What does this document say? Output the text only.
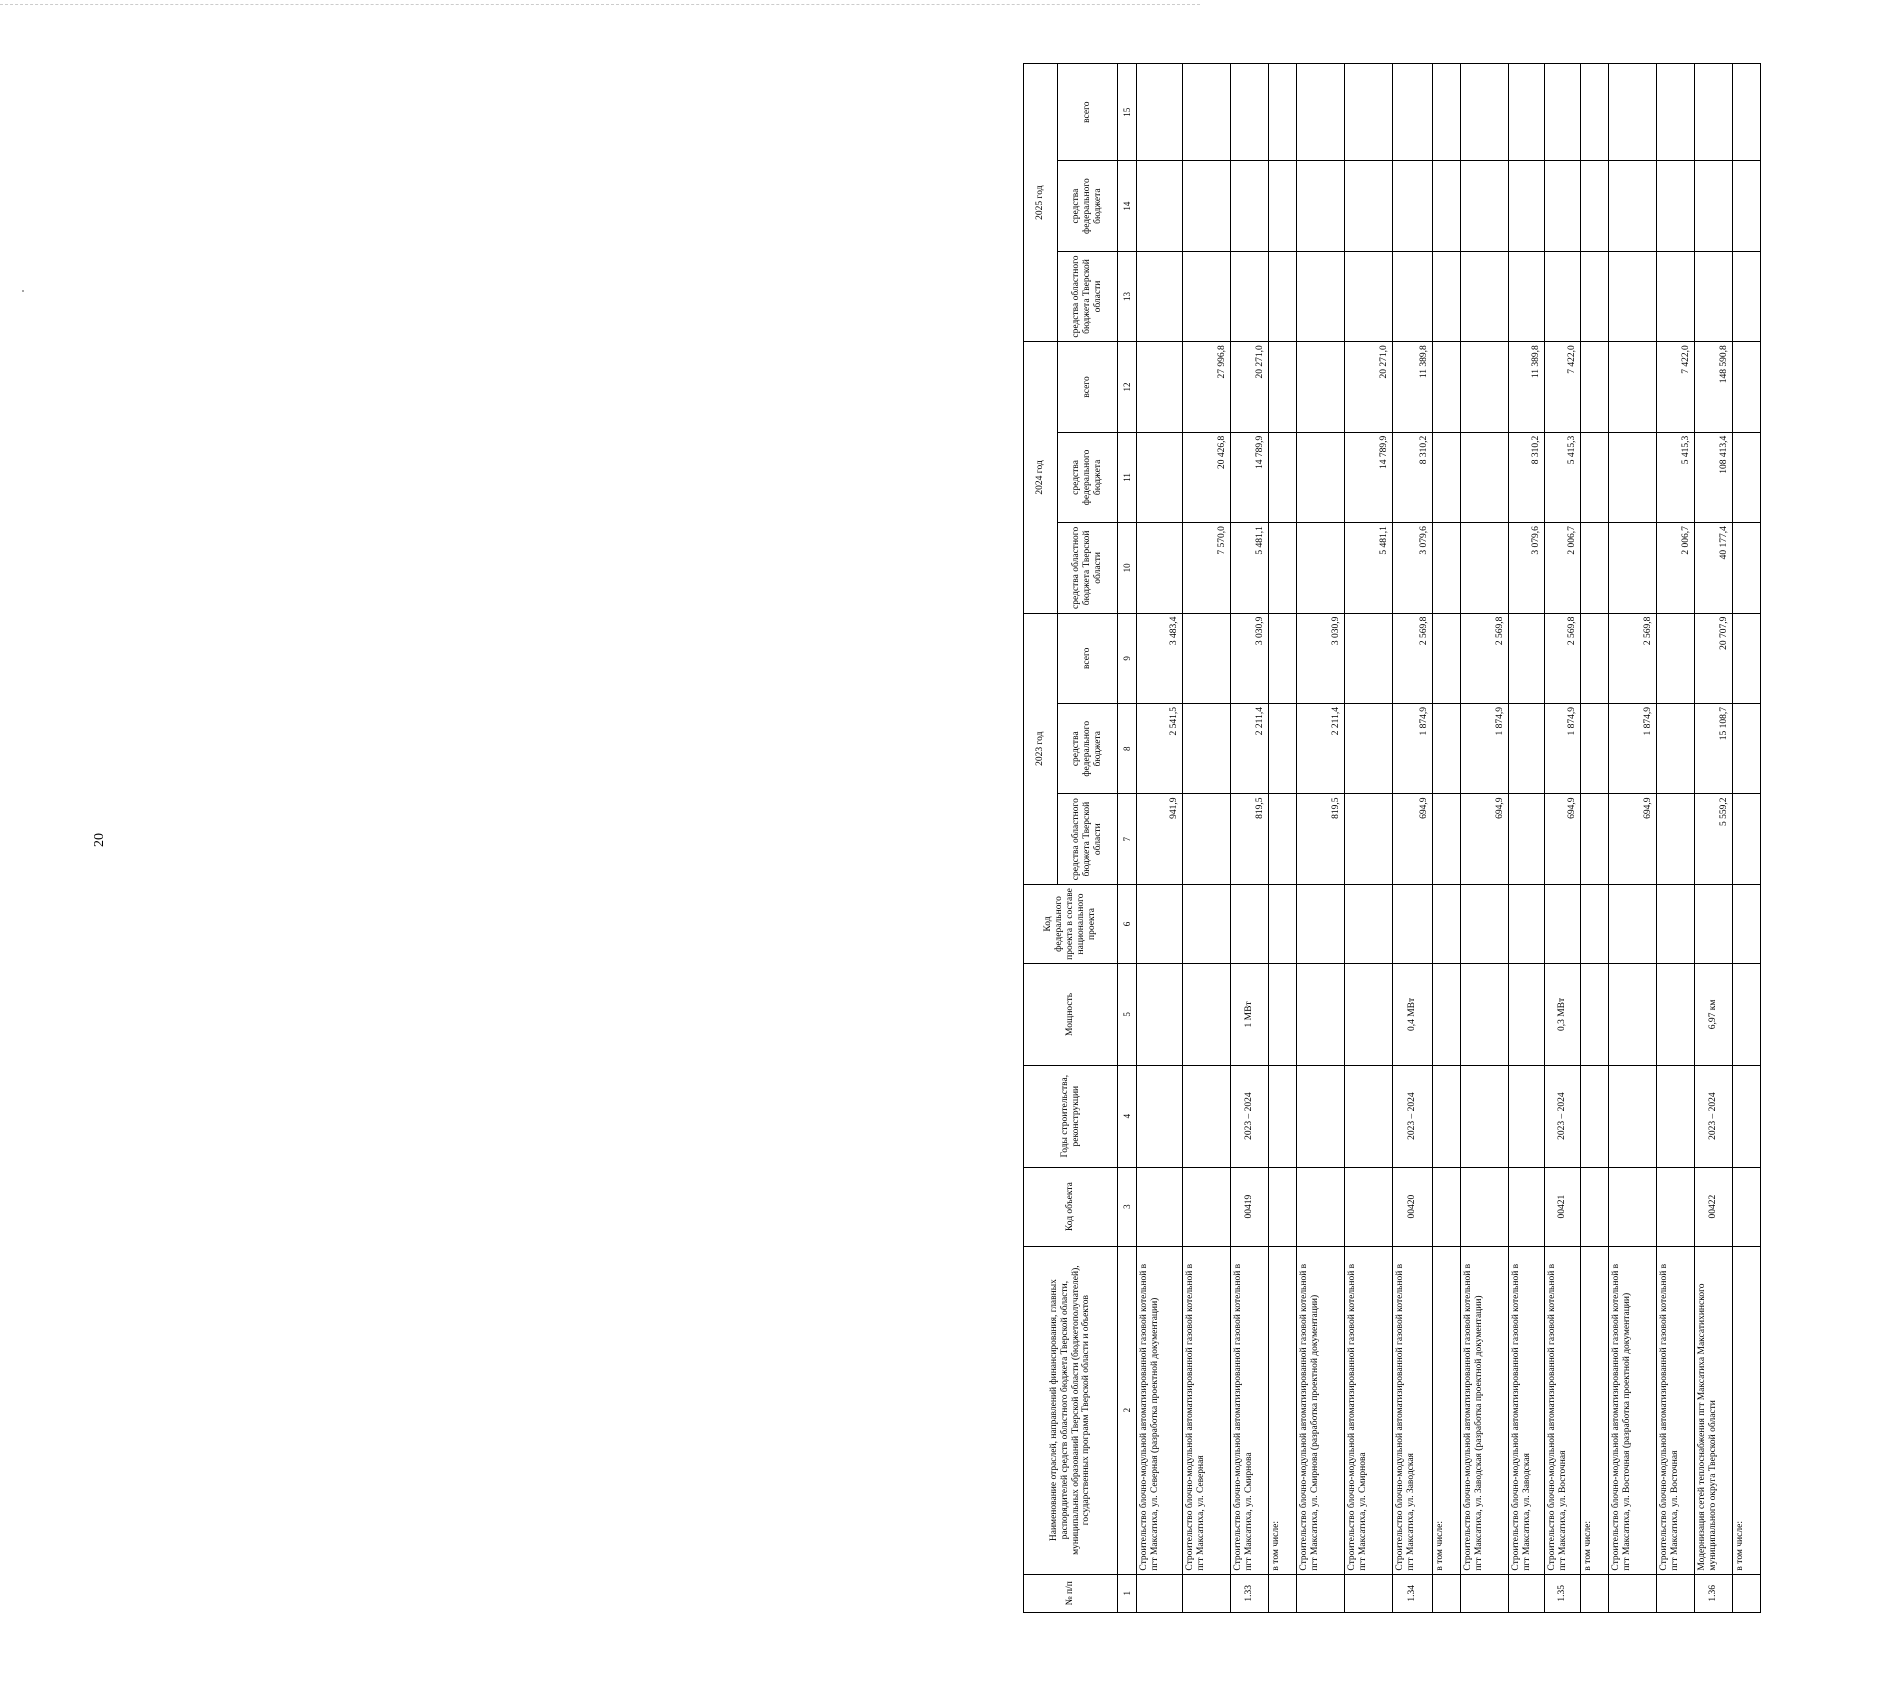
20
№ п/п	Наименование отраслей, направлений финансирования, главных распорядителей средств областного бюджета Тверской области, муниципальных образований Тверской области (бюджетополучателей), государственных программ Тверской области и объектов	Код объекта	Годы строительства, реконструкции	Мощность	Код федерального проекта в составе национального проекта	2023 год			2024 год			2025 год		
						средства областного бюджета Тверской области	средства федерального бюджета	всего	средства областного бюджета Тверской области	средства федерального бюджета	всего	средства областного бюджета Тверской области	средства федерального бюджета	всего
1	2	3	4	5	6	7	8	9	10	11	12	13	14	15
	Строительство блочно-модульной автоматизированной газовой котельной в пгт Максатиха, ул. Северная (разработка проектной документации)					941,9	2 541,5	3 483,4						
	Строительство блочно-модульной автоматизированной газовой котельной в пгт Максатиха, ул. Северная								7 570,0	20 426,8	27 996,8			
1.33	Строительство блочно-модульной автоматизированной газовой котельной в пгт Максатиха, ул. Смирнова	00419	2023 – 2024	1 МВт		819,5	2 211,4	3 030,9	5 481,1	14 789,9	20 271,0			
	в том числе:													
	Строительство блочно-модульной автоматизированной газовой котельной в пгт Максатиха, ул. Смирнова (разработка проектной документации)					819,5	2 211,4	3 030,9						
	Строительство блочно-модульной автоматизированной газовой котельной в пгт Максатиха, ул. Смирнова								5 481,1	14 789,9	20 271,0			
1.34	Строительство блочно-модульной автоматизированной газовой котельной в пгт Максатиха, ул. Заводская	00420	2023 – 2024	0,4 МВт		694,9	1 874,9	2 569,8	3 079,6	8 310,2	11 389,8			
	в том числе:													
	Строительство блочно-модульной автоматизированной газовой котельной в пгт Максатиха, ул. Заводская (разработка проектной документации)					694,9	1 874,9	2 569,8						
	Строительство блочно-модульной автоматизированной газовой котельной в пгт Максатиха, ул. Заводская								3 079,6	8 310,2	11 389,8			
1.35	Строительство блочно-модульной автоматизированной газовой котельной в пгт Максатиха, ул. Восточная	00421	2023 – 2024	0,3 МВт		694,9	1 874,9	2 569,8	2 006,7	5 415,3	7 422,0			
	в том числе:													
	Строительство блочно-модульной автоматизированной газовой котельной в пгт Максатиха, ул. Восточная (разработка проектной документации)					694,9	1 874,9	2 569,8						
	Строительство блочно-модульной автоматизированной газовой котельной в пгт Максатиха, ул. Восточная								2 006,7	5 415,3	7 422,0			
1.36	Модернизация сетей теплоснабжения пгт Максатиха Максатихинского муниципального округа Тверской области	00422	2023 – 2024	6,97 км		5 559,2	15 108,7	20 707,9	40 177,4	108 413,4	148 590,8			
	в том числе:													
